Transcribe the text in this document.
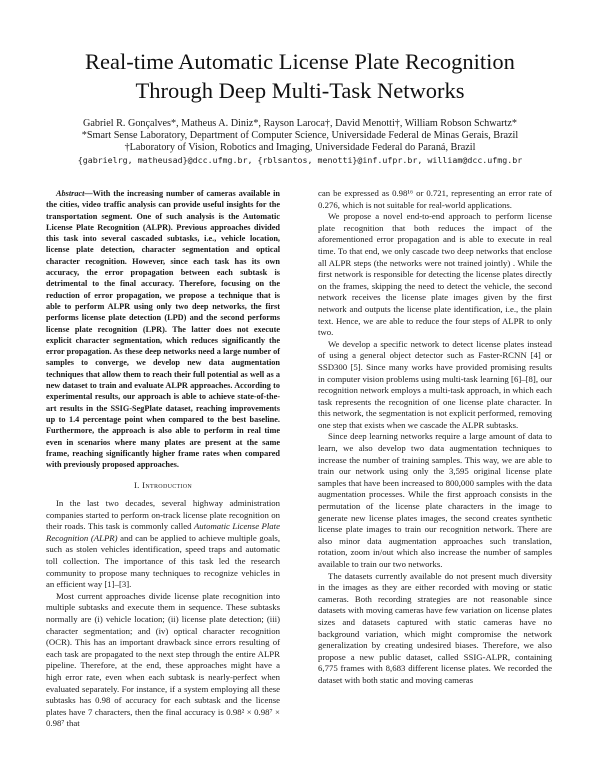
Real-time Automatic License Plate Recognition
Through Deep Multi-Task Networks
Gabriel R. Gonçalves*, Matheus A. Diniz*, Rayson Laroca†, David Menotti†, William Robson Schwartz*
*Smart Sense Laboratory, Department of Computer Science, Universidade Federal de Minas Gerais, Brazil
†Laboratory of Vision, Robotics and Imaging, Universidade Federal do Paraná, Brazil
{gabrielrg, matheusad}@dcc.ufmg.br, {rblsantos, menotti}@inf.ufpr.br, william@dcc.ufmg.br

Abstract—With the increasing number of cameras available in the cities, video traffic analysis can provide useful insights for the transportation segment. One of such analysis is the Automatic License Plate Recognition (ALPR). Previous approaches divided this task into several cascaded subtasks, i.e., vehicle location, license plate detection, character segmentation and optical character recognition. However, since each task has its own accuracy, the error propagation between each subtask is detrimental to the final accuracy. Therefore, focusing on the reduction of error propagation, we propose a technique that is able to perform ALPR using only two deep networks, the first performs license plate detection (LPD) and the second performs license plate recognition (LPR). The latter does not execute explicit character segmentation, which reduces significantly the error propagation. As these deep networks need a large number of samples to converge, we develop new data augmentation techniques that allow them to reach their full potential as well as a new dataset to train and evaluate ALPR approaches. According to experimental results, our approach is able to achieve state-of-the-art results in the SSIG-SegPlate dataset, reaching improvements up to 1.4 percentage point when compared to the best baseline. Furthermore, the approach is also able to perform in real time even in scenarios where many plates are present at the same frame, reaching significantly higher frame rates when compared with previously proposed approaches.

I. Introduction

In the last two decades, several highway administration companies started to perform on-track license plate recognition on their roads. This task is commonly called Automatic License Plate Recognition (ALPR) and can be applied to achieve multiple goals, such as stolen vehicles identification, speed traps and automatic toll collection. The importance of this task led the research community to propose many techniques to recognize vehicles in an efficient way [1]–[3].

Most current approaches divide license plate recognition into multiple subtasks and execute them in sequence. These subtasks normally are (i) vehicle location; (ii) license plate detection; (iii) character segmentation; and (iv) optical character recognition (OCR). This has an important drawback since errors resulting of each task are propagated to the next step through the entire ALPR pipeline. Therefore, at the end, these approaches might have a high error rate, even when each subtask is nearly-perfect when evaluated separately. For instance, if a system employing all these subtasks has 0.98 of accuracy for each subtask and the license plates have 7 characters, then the final accuracy is 0.98² × 0.98⁷ × 0.98⁷ that

can be expressed as 0.98¹⁶ or 0.721, representing an error rate of 0.276, which is not suitable for real-world applications.

We propose a novel end-to-end approach to perform license plate recognition that both reduces the impact of the aforementioned error propagation and is able to execute in real time. To that end, we only cascade two deep networks that enclose all ALPR steps (the networks were not trained jointly) . While the first network is responsible for detecting the license plates directly on the frames, skipping the need to detect the vehicle, the second network receives the license plate images given by the first network and outputs the license plate identification, i.e., the plain text. Hence, we are able to reduce the four steps of ALPR to only two.

We develop a specific network to detect license plates instead of using a general object detector such as Faster-RCNN [4] or SSD300 [5]. Since many works have provided promising results in computer vision problems using multi-task learning [6]–[8], our recognition network employs a multi-task approach, in which each task represents the recognition of one license plate character. In this network, the segmentation is not explicit performed, removing one step that exists when we cascade the ALPR subtasks.

Since deep learning networks require a large amount of data to learn, we also develop two data augmentation techniques to increase the number of training samples. This way, we are able to train our network using only the 3,595 original license plate samples that have been increased to 800,000 samples with the data augmentation processes. While the first approach consists in the permutation of the license plate characters in the image to generate new license plates images, the second creates synthetic license plate images to train our recognition network. There are also minor data augmentation approaches such translation, rotation, zoom in/out which also increase the number of samples available to train our two networks.

The datasets currently available do not present much diversity in the images as they are either recorded with moving or static cameras. Both recording strategies are not reasonable since datasets with moving cameras have few variation on license plates sizes and datasets captured with static cameras have no background variation, which might compromise the network generalization by creating undesired biases. Therefore, we also propose a new public dataset, called SSIG-ALPR, containing 6,775 frames with 8,683 different license plates. We recorded the dataset with both static and moving cameras
